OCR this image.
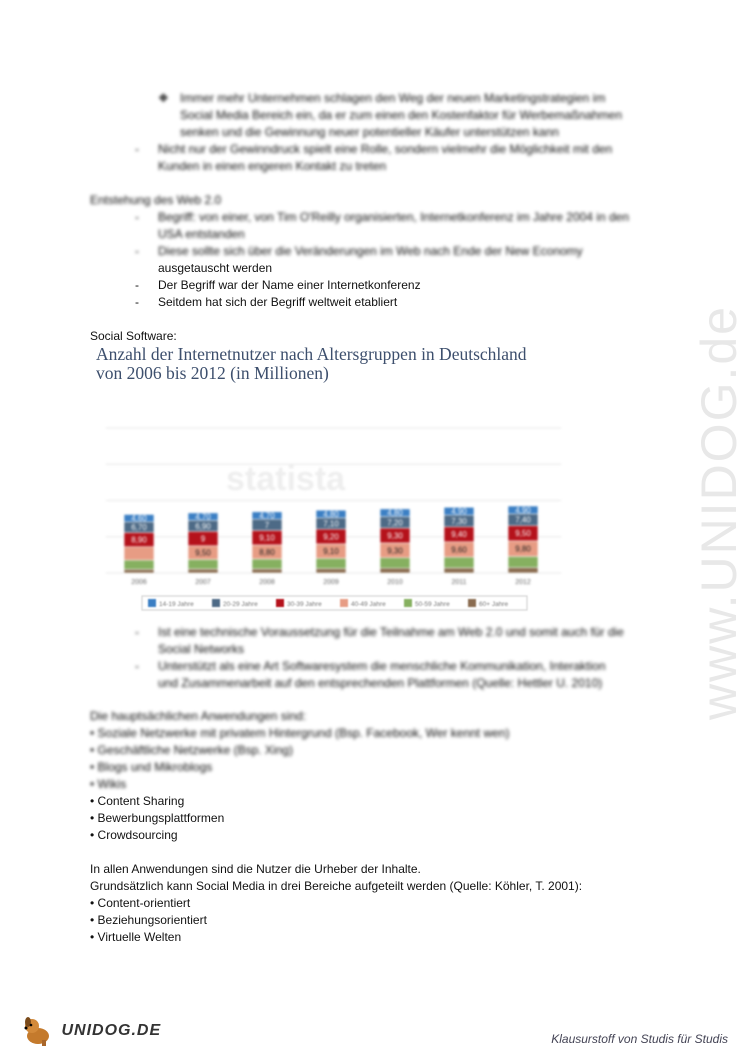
www.UNIDOG.de
❖ Immer mehr Unternehmen schlagen den Weg der neuen Marketingstrategien im
Social Media Bereich ein, da er zum einen den Kostenfaktor für Werbemaßnahmen
senken und die Gewinnung neuer potentieller Käufer unterstützen kann
-	Nicht nur der Gewinndruck spielt eine Rolle, sondern vielmehr die Möglichkeit mit den
Kunden in einen engeren Kontakt zu treten
Entstehung des Web 2.0
-	Begriff: von einer, von Tim O'Reilly organisierten, Internetkonferenz im Jahre 2004 in den
USA entstanden
-	Diese sollte sich über die Veränderungen im Web nach Ende der New Economy
ausgetauscht werden
-	Der Begriff war der Name einer Internetkonferenz
-	Seitdem hat sich der Begriff weltweit etabliert
Social Software:
Anzahl der Internetnutzer nach Altersgruppen in Deutschland
von 2006 bis 2012 (in Millionen)
statista
8,90
6,70
4,60
9,50
9
6,90
4,70
8,80
9,10
7
4,70
9,10
9,20
7,10
4,80
9,30
9,30
7,20
4,80
9,60
9,40
7,30
4,90
9,80
9,50
7,40
4,90
2006	2007	2008	2009	2010	2011	2012
14-19 Jahre	20-29 Jahre	30-39 Jahre	40-49 Jahre	50-59 Jahre	60+ Jahre
-	Ist eine technische Voraussetzung für die Teilnahme am Web 2.0 und somit auch für die
Social Networks
-	Unterstützt als eine Art Softwaresystem die menschliche Kommunikation, Interaktion
und Zusammenarbeit auf den entsprechenden Plattformen (Quelle: Hettler U. 2010)
Die hauptsächlichen Anwendungen sind:
• Soziale Netzwerke mit privatem Hintergrund (Bsp. Facebook, Wer kennt wen)
• Geschäftliche Netzwerke (Bsp. Xing)
• Blogs und Mikroblogs
• Wikis
• Content Sharing
• Bewerbungsplattformen
• Crowdsourcing
In allen Anwendungen sind die Nutzer die Urheber der Inhalte.
Grundsätzlich kann Social Media in drei Bereiche aufgeteilt werden (Quelle: Köhler, T. 2001):
• Content-orientiert
• Beziehungsorientiert
• Virtuelle Welten
UNIDOG.DE	Klausurstoff von Studis für Studis
